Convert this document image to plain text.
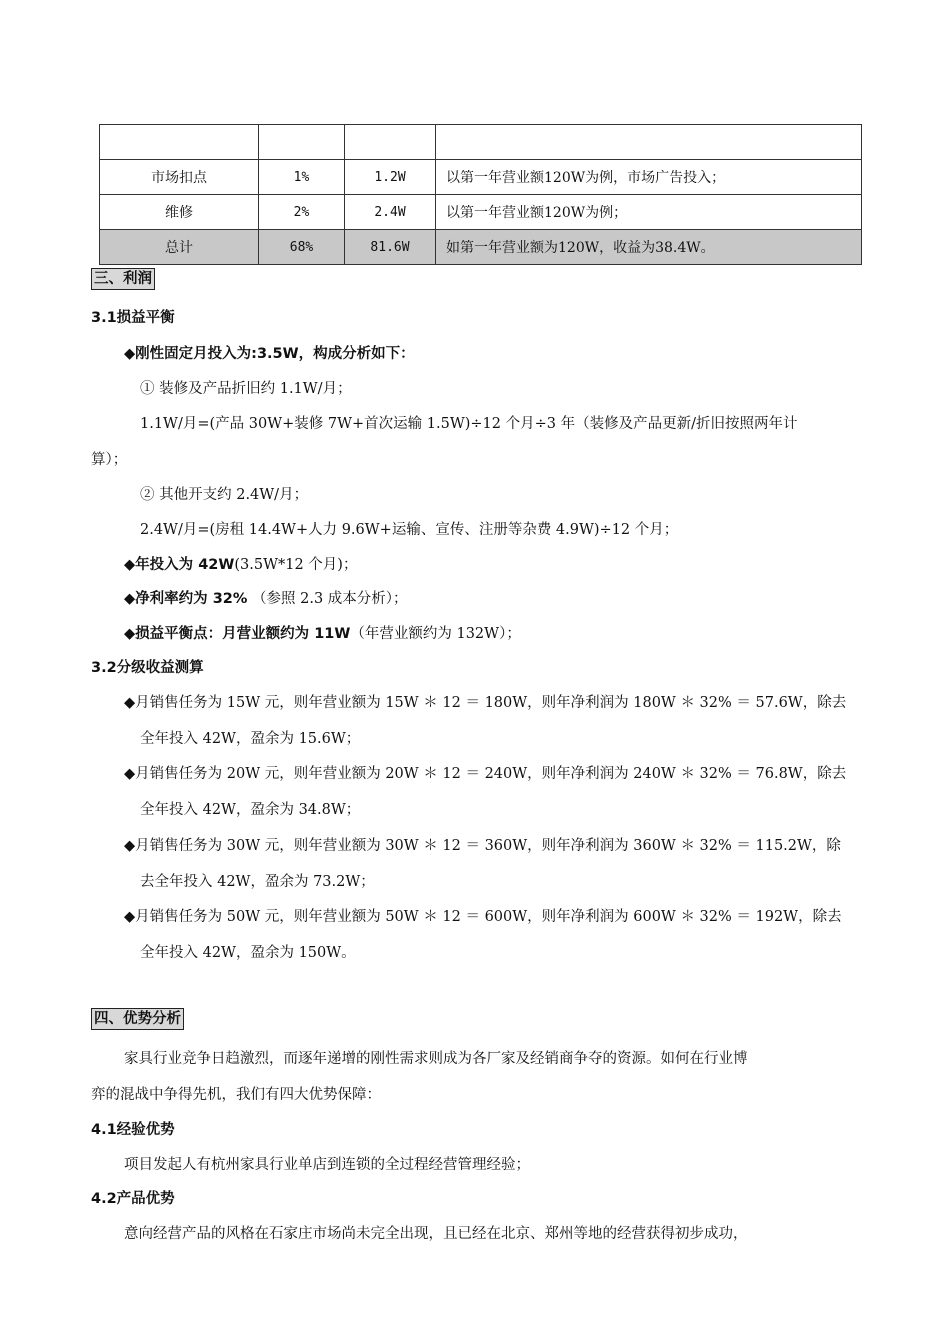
市场扣点	1%	1.2W	以第一年营业额120W为例，市场广告投入；
维修	2%	2.4W	以第一年营业额120W为例；
总计	68%	81.6W	如第一年营业额为120W，收益为38.4W。
三、利润
3.1损益平衡
◆刚性固定月投入为:3.5W，构成分析如下：
① 装修及产品折旧约 1.1W/月；
1.1W/月=(产品 30W+装修 7W+首次运输 1.5W)÷12 个月÷3 年（装修及产品更新/折旧按照两年计
算）；
② 其他开支约 2.4W/月；
2.4W/月=(房租 14.4W+人力 9.6W+运输、宣传、注册等杂费 4.9W)÷12 个月；
◆年投入为 42W(3.5W*12 个月)；
◆净利率约为 32% （参照 2.3 成本分析）；
◆损益平衡点：月营业额约为 11W（年营业额约为 132W）；
3.2分级收益测算
◆月销售任务为 15W 元，则年营业额为 15W ＊ 12 ＝ 180W，则年净利润为 180W ＊ 32% ＝ 57.6W，除去
全年投入 42W，盈余为 15.6W；
◆月销售任务为 20W 元，则年营业额为 20W ＊ 12 ＝ 240W，则年净利润为 240W ＊ 32% ＝ 76.8W，除去
全年投入 42W，盈余为 34.8W；
◆月销售任务为 30W 元，则年营业额为 30W ＊ 12 ＝ 360W，则年净利润为 360W ＊ 32% ＝ 115.2W，除
去全年投入 42W，盈余为 73.2W；
◆月销售任务为 50W 元，则年营业额为 50W ＊ 12 ＝ 600W，则年净利润为 600W ＊ 32% ＝ 192W，除去
全年投入 42W，盈余为 150W。
四、优势分析
家具行业竞争日趋激烈，而逐年递增的刚性需求则成为各厂家及经销商争夺的资源。如何在行业博
弈的混战中争得先机，我们有四大优势保障：
4.1经验优势
项目发起人有杭州家具行业单店到连锁的全过程经营管理经验；
4.2产品优势
意向经营产品的风格在石家庄市场尚未完全出现，且已经在北京、郑州等地的经营获得初步成功，
